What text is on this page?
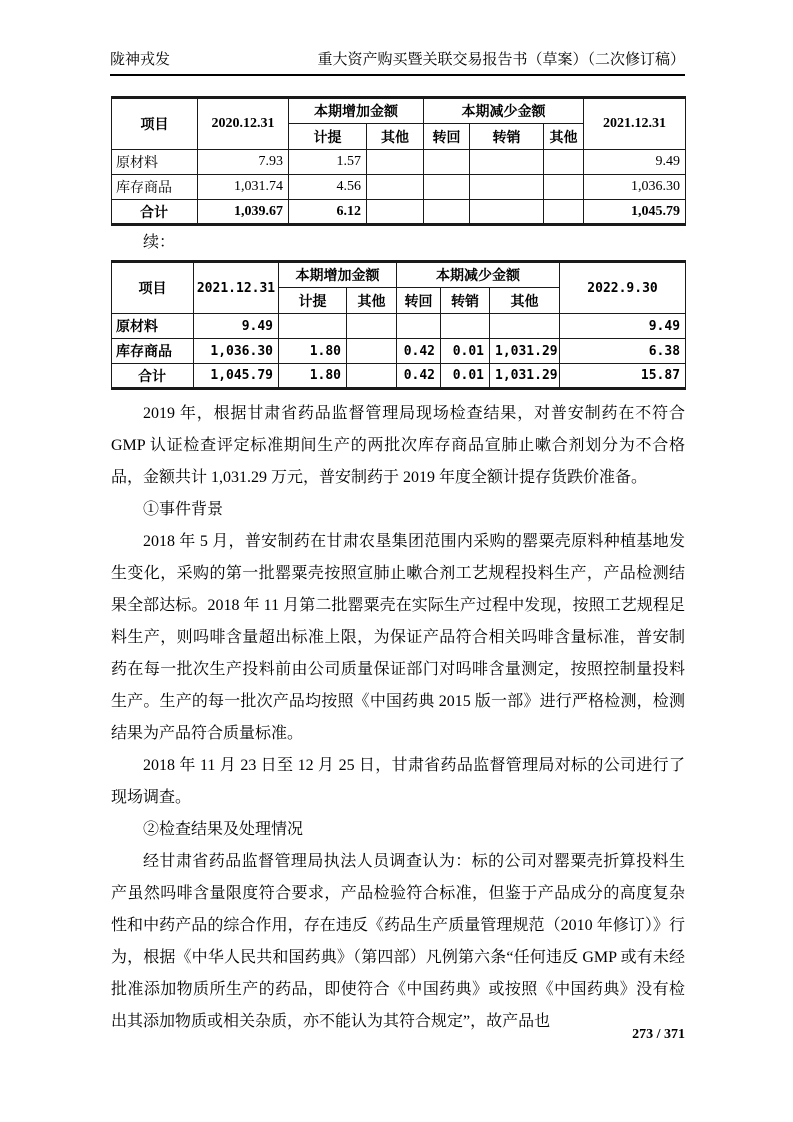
陇神戎发	重大资产购买暨关联交易报告书（草案）（二次修订稿）
项目	2020.12.31	本期增加金额		本期减少金额			2021.12.31
		计提	其他	转回	转销	其他	
原材料	7.93	1.57					9.49
库存商品	1,031.74	4.56					1,036.30
合计	1,039.67	6.12					1,045.79
续：
项目	2021.12.31	本期增加金额		本期减少金额			2022.9.30
		计提	其他	转回	转销	其他	
原材料	9.49						9.49
库存商品	1,036.30	1.80		0.42	0.01	1,031.29	6.38
合计	1,045.79	1.80		0.42	0.01	1,031.29	15.87

2019 年，根据甘肃省药品监督管理局现场检查结果，对普安制药在不符合 GMP 认证检查评定标准期间生产的两批次库存商品宣肺止嗽合剂划分为不合格品，金额共计 1,031.29 万元，普安制药于 2019 年度全额计提存货跌价准备。

①事件背景

2018 年 5 月，普安制药在甘肃农垦集团范围内采购的罂粟壳原料种植基地发生变化，采购的第一批罂粟壳按照宣肺止嗽合剂工艺规程投料生产，产品检测结果全部达标。2018 年 11 月第二批罂粟壳在实际生产过程中发现，按照工艺规程足料生产，则吗啡含量超出标准上限，为保证产品符合相关吗啡含量标准，普安制药在每一批次生产投料前由公司质量保证部门对吗啡含量测定，按照控制量投料生产。生产的每一批次产品均按照《中国药典 2015 版一部》进行严格检测，检测结果为产品符合质量标准。

2018 年 11 月 23 日至 12 月 25 日，甘肃省药品监督管理局对标的公司进行了现场调查。

②检查结果及处理情况

经甘肃省药品监督管理局执法人员调查认为：标的公司对罂粟壳折算投料生产虽然吗啡含量限度符合要求，产品检验符合标准，但鉴于产品成分的高度复杂性和中药产品的综合作用，存在违反《药品生产质量管理规范（2010 年修订）》行为，根据《中华人民共和国药典》（第四部）凡例第六条“任何违反 GMP 或有未经批准添加物质所生产的药品，即使符合《中国药典》或按照《中国药典》没有检出其添加物质或相关杂质，亦不能认为其符合规定”，故产品也

273 / 371
